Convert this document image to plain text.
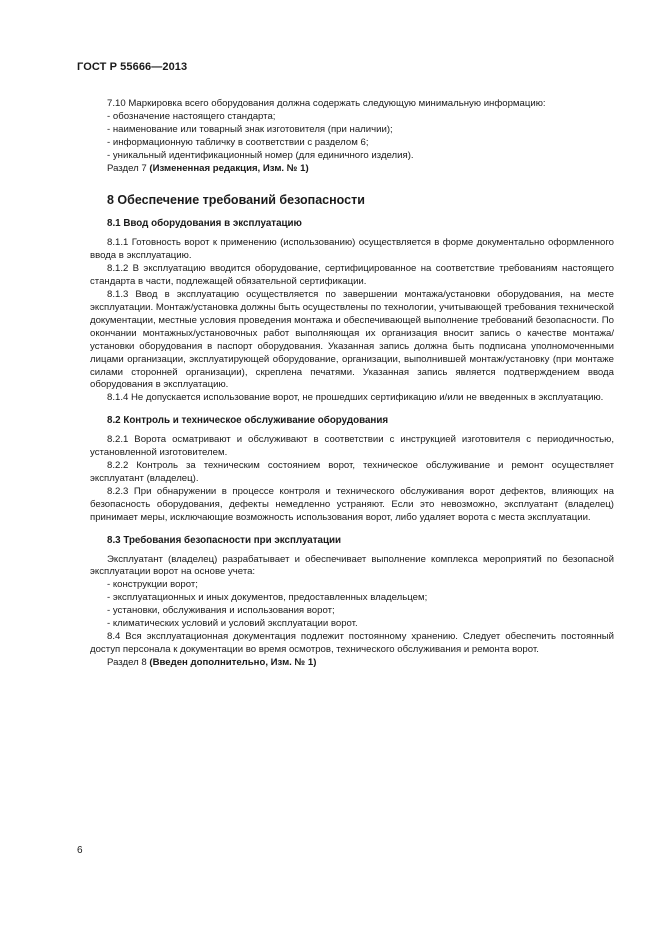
ГОСТ Р 55666—2013

7.10 Маркировка всего оборудования должна содержать следующую минимальную информацию:

- обозначение настоящего стандарта;

- наименование или товарный знак изготовителя (при наличии);

- информационную табличку в соответствии с разделом 6;

- уникальный идентификационный номер (для единичного изделия).

Раздел 7 (Измененная редакция, Изм. № 1)

8 Обеспечение требований безопасности
8.1 Ввод оборудования в эксплуатацию

8.1.1 Готовность ворот к применению (использованию) осуществляется в форме документально оформленного ввода в эксплуатацию.

8.1.2 В эксплуатацию вводится оборудование, сертифицированное на соответствие требованиям настоящего стандарта в части, подлежащей обязательной сертификации.

8.1.3 Ввод в эксплуатацию осуществляется по завершении монтажа/установки оборудования, на месте эксплуатации. Монтаж/установка должны быть осуществлены по технологии, учитывающей требования технической документации, местные условия проведения монтажа и обеспечивающей выполнение требований безопасности. По окончании монтажных/установочных работ выполняющая их организация вносит запись о качестве монтажа/установки оборудования в паспорт оборудования. Указанная запись должна быть подписана уполномоченными лицами организации, эксплуатирующей оборудование, организации, выполнившей монтаж/установку (при монтаже силами сторонней организации), скреплена печатями. Указанная запись является подтверждением ввода оборудования в эксплуатацию.

8.1.4 Не допускается использование ворот, не прошедших сертификацию и/или не введенных в эксплуатацию.

8.2 Контроль и техническое обслуживание оборудования

8.2.1 Ворота осматривают и обслуживают в соответствии с инструкцией изготовителя с периодичностью, установленной изготовителем.

8.2.2 Контроль за техническим состоянием ворот, техническое обслуживание и ремонт осуществляет эксплуатант (владелец).

8.2.3 При обнаружении в процессе контроля и технического обслуживания ворот дефектов, влияющих на безопасность оборудования, дефекты немедленно устраняют. Если это невозможно, эксплуатант (владелец) принимает меры, исключающие возможность использования ворот, либо удаляет ворота с места эксплуатации.

8.3 Требования безопасности при эксплуатации

Эксплуатант (владелец) разрабатывает и обеспечивает выполнение комплекса мероприятий по безопасной эксплуатации ворот на основе учета:

- конструкции ворот;

- эксплуатационных и иных документов, предоставленных владельцем;

- установки, обслуживания и использования ворот;

- климатических условий и условий эксплуатации ворот.

8.4 Вся эксплуатационная документация подлежит постоянному хранению. Следует обеспечить постоянный доступ персонала к документации во время осмотров, технического обслуживания и ремонта ворот.

Раздел 8 (Введен дополнительно, Изм. № 1)

6
